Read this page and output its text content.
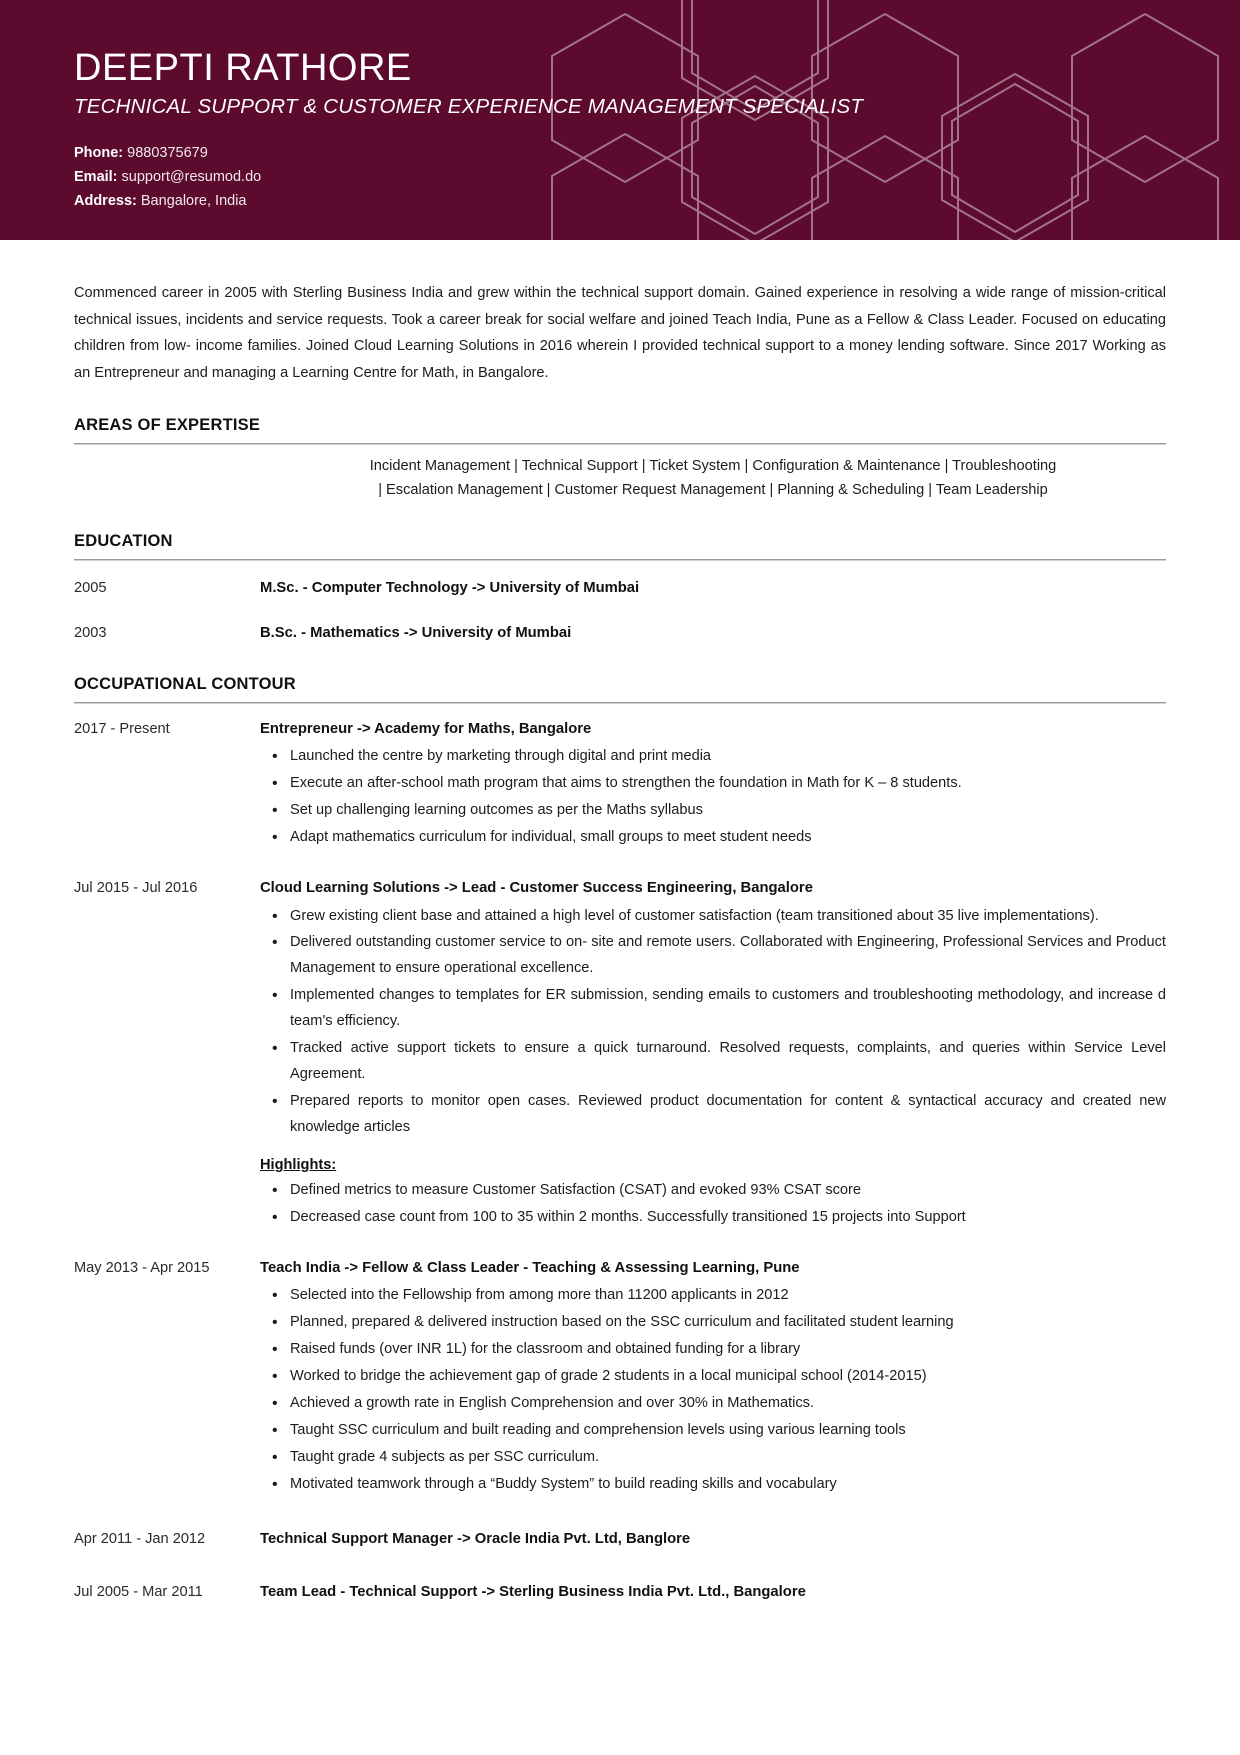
DEEPTI RATHORE
TECHNICAL SUPPORT & CUSTOMER EXPERIENCE MANAGEMENT SPECIALIST
Phone: 9880375679
Email: support@resumod.do
Address: Bangalore, India

Commenced career in 2005 with Sterling Business India and grew within the technical support domain. Gained experience in resolving a wide range of mission-critical technical issues, incidents and service requests. Took a career break for social welfare and joined Teach India, Pune as a Fellow & Class Leader. Focused on educating children from low- income families. Joined Cloud Learning Solutions in 2016 wherein I provided technical support to a money lending software. Since 2017 Working as an Entrepreneur and managing a Learning Centre for Math, in Bangalore.

AREAS OF EXPERTISE
Incident Management | Technical Support | Ticket System | Configuration & Maintenance | Troubleshooting
| Escalation Management | Customer Request Management | Planning & Scheduling | Team Leadership
EDUCATION
2005	M.Sc. - Computer Technology -> University of Mumbai
2003	B.Sc. - Mathematics -> University of Mumbai
OCCUPATIONAL CONTOUR
2017 - Present	Entrepreneur -> Academy for Maths, Bangalore
• Launched the centre by marketing through digital and print media
• Execute an after-school math program that aims to strengthen the foundation in Math for K – 8 students.
• Set up challenging learning outcomes as per the Maths syllabus
• Adapt mathematics curriculum for individual, small groups to meet student needs
Jul 2015 - Jul 2016	Cloud Learning Solutions -> Lead - Customer Success Engineering, Bangalore
• Grew existing client base and attained a high level of customer satisfaction (team transitioned about 35 live implementations).
• Delivered outstanding customer service to on- site and remote users. Collaborated with Engineering, Professional Services and Product Management to ensure operational excellence.
• Implemented changes to templates for ER submission, sending emails to customers and troubleshooting methodology, and increase d team's efficiency.
• Tracked active support tickets to ensure a quick turnaround. Resolved requests, complaints, and queries within Service Level Agreement.
• Prepared reports to monitor open cases. Reviewed product documentation for content & syntactical accuracy and created new knowledge articles
Highlights:
• Defined metrics to measure Customer Satisfaction (CSAT) and evoked 93% CSAT score
• Decreased case count from 100 to 35 within 2 months. Successfully transitioned 15 projects into Support
May 2013 - Apr 2015	Teach India -> Fellow & Class Leader - Teaching & Assessing Learning, Pune
• Selected into the Fellowship from among more than 11200 applicants in 2012
• Planned, prepared & delivered instruction based on the SSC curriculum and facilitated student learning
• Raised funds (over INR 1L) for the classroom and obtained funding for a library
• Worked to bridge the achievement gap of grade 2 students in a local municipal school (2014-2015)
• Achieved a growth rate in English Comprehension and over 30% in Mathematics.
• Taught SSC curriculum and built reading and comprehension levels using various learning tools
• Taught grade 4 subjects as per SSC curriculum.
• Motivated teamwork through a “Buddy System” to build reading skills and vocabulary
Apr 2011 - Jan 2012	Technical Support Manager -> Oracle India Pvt. Ltd, Banglore
Jul 2005 - Mar 2011	Team Lead - Technical Support -> Sterling Business India Pvt. Ltd., Bangalore
